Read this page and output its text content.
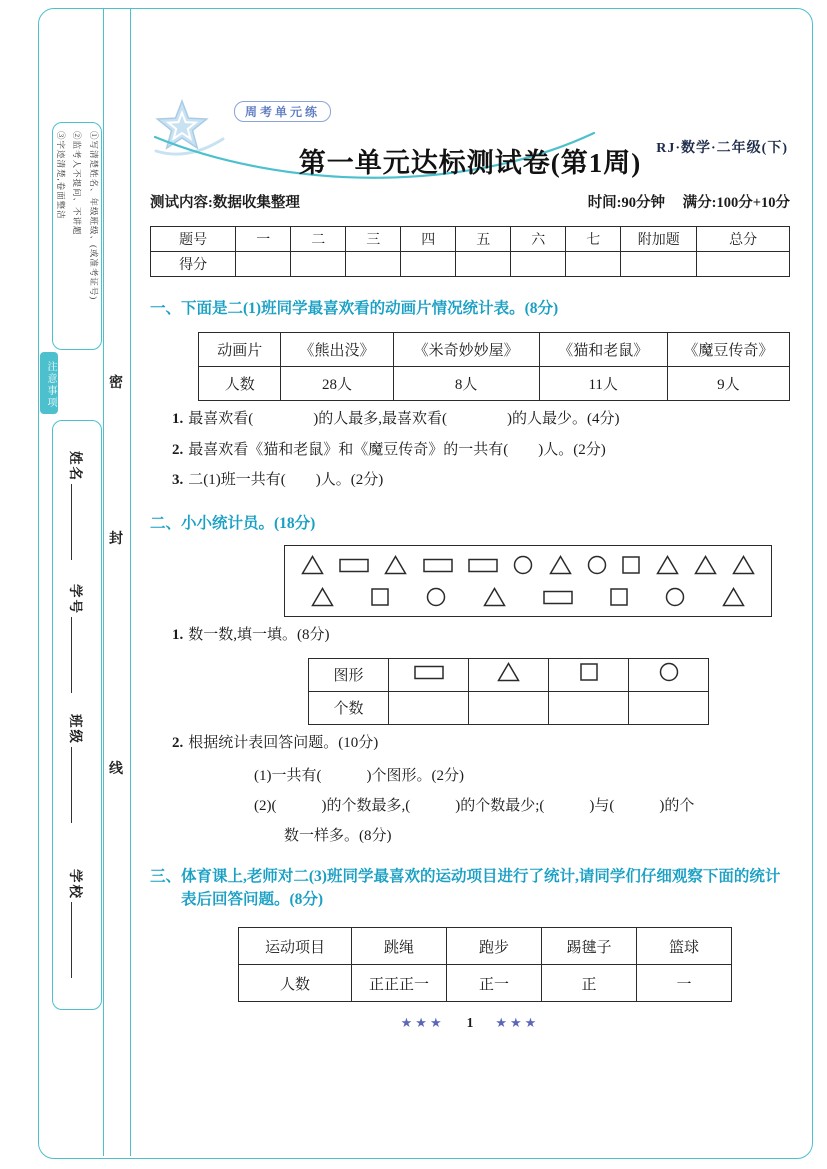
①写清楚姓名、年级班级、(或准考证号)
②监考人不提问、不讲题
③字迹清楚,卷面整洁
注意事项	密
封
线
姓名
学号
班级
学校
周考单元练
RJ·数学·二年级(下)
第一单元达标测试卷(第1周)
测试内容:数据收集整理	时间:90分钟 满分:100分+10分
题号	一	二	三	四	五	六	七	附加题	总分
得分									
一、下面是二(1)班同学最喜欢看的动画片情况统计表。(8分)
动画片	《熊出没》	《米奇妙妙屋》	《猫和老鼠》	《魔豆传奇》
人数	28人	8人	11人	9人
1. 最喜欢看(　　　　)的人最多,最喜欢看(　　　　)的人最少。(4分)
2. 最喜欢看《猫和老鼠》和《魔豆传奇》的一共有(　　)人。(2分)
3. 二(1)班一共有(　　)人。(2分)
二、小小统计员。(18分)
1. 数一数,填一填。(8分)
图形				
个数				
2. 根据统计表回答问题。(10分)
(1)一共有(　　　)个图形。(2分)
(2)(　　　)的个数最多,(　　　)的个数最少;(　　　)与(　　　)的个
数一样多。(8分)
三、体育课上,老师对二(3)班同学最喜欢的运动项目进行了统计,请同学们仔细观察下面的统计表后回答问题。(8分)
运动项目	跳绳	跑步	踢毽子	篮球
人数	正正正一	正一	正	一
★★★ 1 ★★★
